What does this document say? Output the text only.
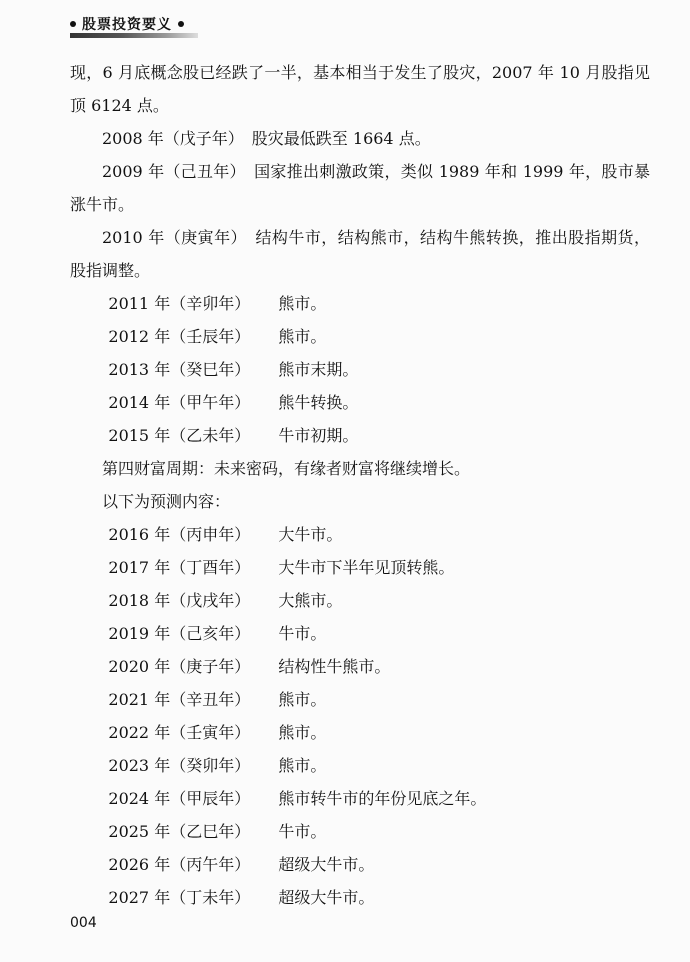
股票投资要义

现，6 月底概念股已经跌了一半，基本相当于发生了股灾，2007 年 10 月股指见顶 6124 点。

2008 年（戊子年）　股灾最低跌至 1664 点。

2009 年（己丑年）　国家推出刺激政策，类似 1989 年和 1999 年，股市暴涨牛市。

2010 年（庚寅年）　结构牛市，结构熊市，结构牛熊转换，推出股指期货，股指调整。

2011 年（辛卯年） 熊市。

2012 年（壬辰年） 熊市。

2013 年（癸巳年） 熊市末期。

2014 年（甲午年） 熊牛转换。

2015 年（乙未年） 牛市初期。

第四财富周期：未来密码，有缘者财富将继续增长。

以下为预测内容：

2016 年（丙申年） 大牛市。

2017 年（丁酉年） 大牛市下半年见顶转熊。

2018 年（戊戌年） 大熊市。

2019 年（己亥年） 牛市。

2020 年（庚子年） 结构性牛熊市。

2021 年（辛丑年） 熊市。

2022 年（壬寅年） 熊市。

2023 年（癸卯年） 熊市。

2024 年（甲辰年） 熊市转牛市的年份见底之年。

2025 年（乙巳年） 牛市。

2026 年（丙午年） 超级大牛市。

2027 年（丁未年） 超级大牛市。

004
